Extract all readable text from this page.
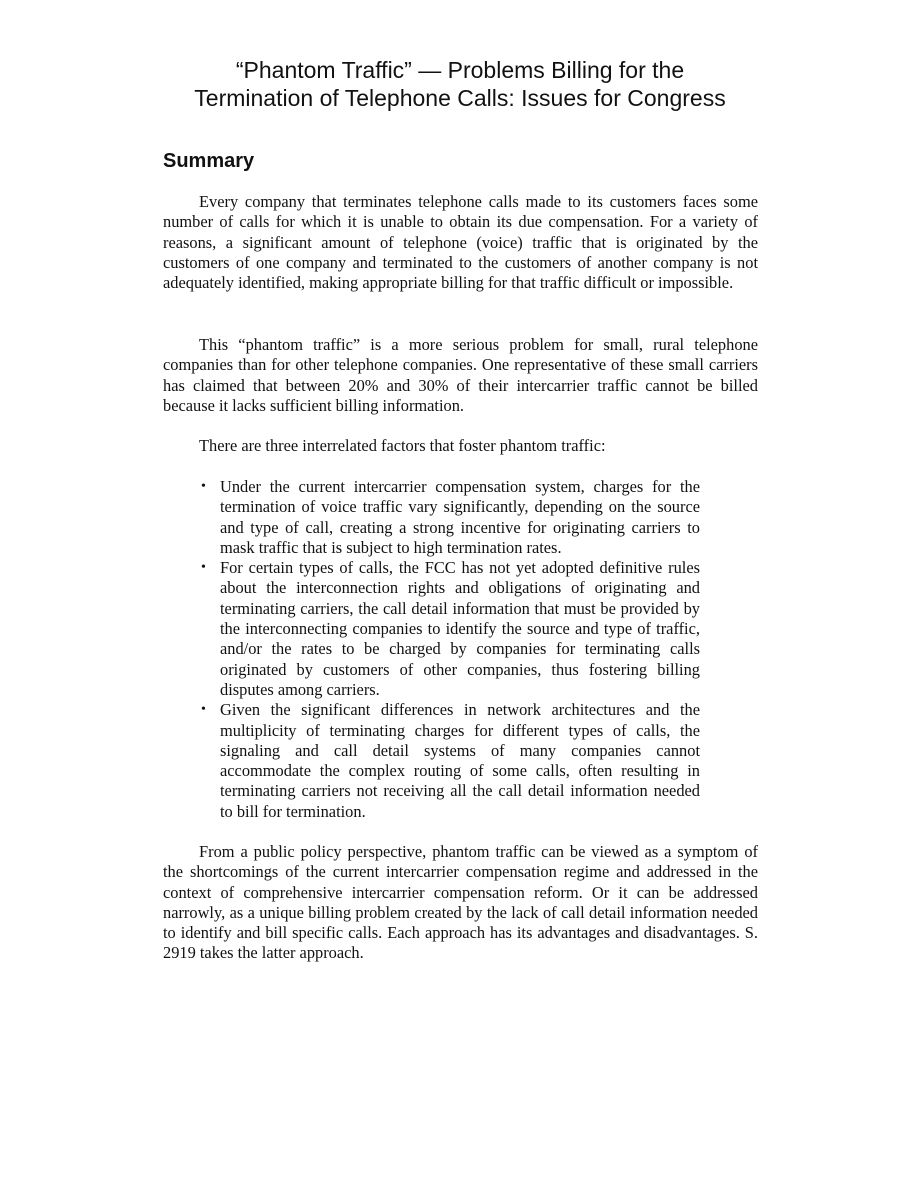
“Phantom Traffic” — Problems Billing for the
Termination of Telephone Calls: Issues for Congress
Summary

Every company that terminates telephone calls made to its customers faces some number of calls for which it is unable to obtain its due compensation. For a variety of reasons, a significant amount of telephone (voice) traffic that is originated by the customers of one company and terminated to the customers of another company is not adequately identified, making appropriate billing for that traffic difficult or impossible.

This “phantom traffic” is a more serious problem for small, rural telephone companies than for other telephone companies. One representative of these small carriers has claimed that between 20% and 30% of their intercarrier traffic cannot be billed because it lacks sufficient billing information.

There are three interrelated factors that foster phantom traffic:

• Under the current intercarrier compensation system, charges for the termination of voice traffic vary significantly, depending on the source and type of call, creating a strong incentive for originating carriers to mask traffic that is subject to high termination rates.
• For certain types of calls, the FCC has not yet adopted definitive rules about the interconnection rights and obligations of originating and terminating carriers, the call detail information that must be provided by the interconnecting companies to identify the source and type of traffic, and/or the rates to be charged by companies for terminating calls originated by customers of other companies, thus fostering billing disputes among carriers.
• Given the significant differences in network architectures and the multiplicity of terminating charges for different types of calls, the signaling and call detail systems of many companies cannot accommodate the complex routing of some calls, often resulting in terminating carriers not receiving all the call detail information needed to bill for termination.

From a public policy perspective, phantom traffic can be viewed as a symptom of the shortcomings of the current intercarrier compensation regime and addressed in the context of comprehensive intercarrier compensation reform. Or it can be addressed narrowly, as a unique billing problem created by the lack of call detail information needed to identify and bill specific calls. Each approach has its advantages and disadvantages. S. 2919 takes the latter approach.
